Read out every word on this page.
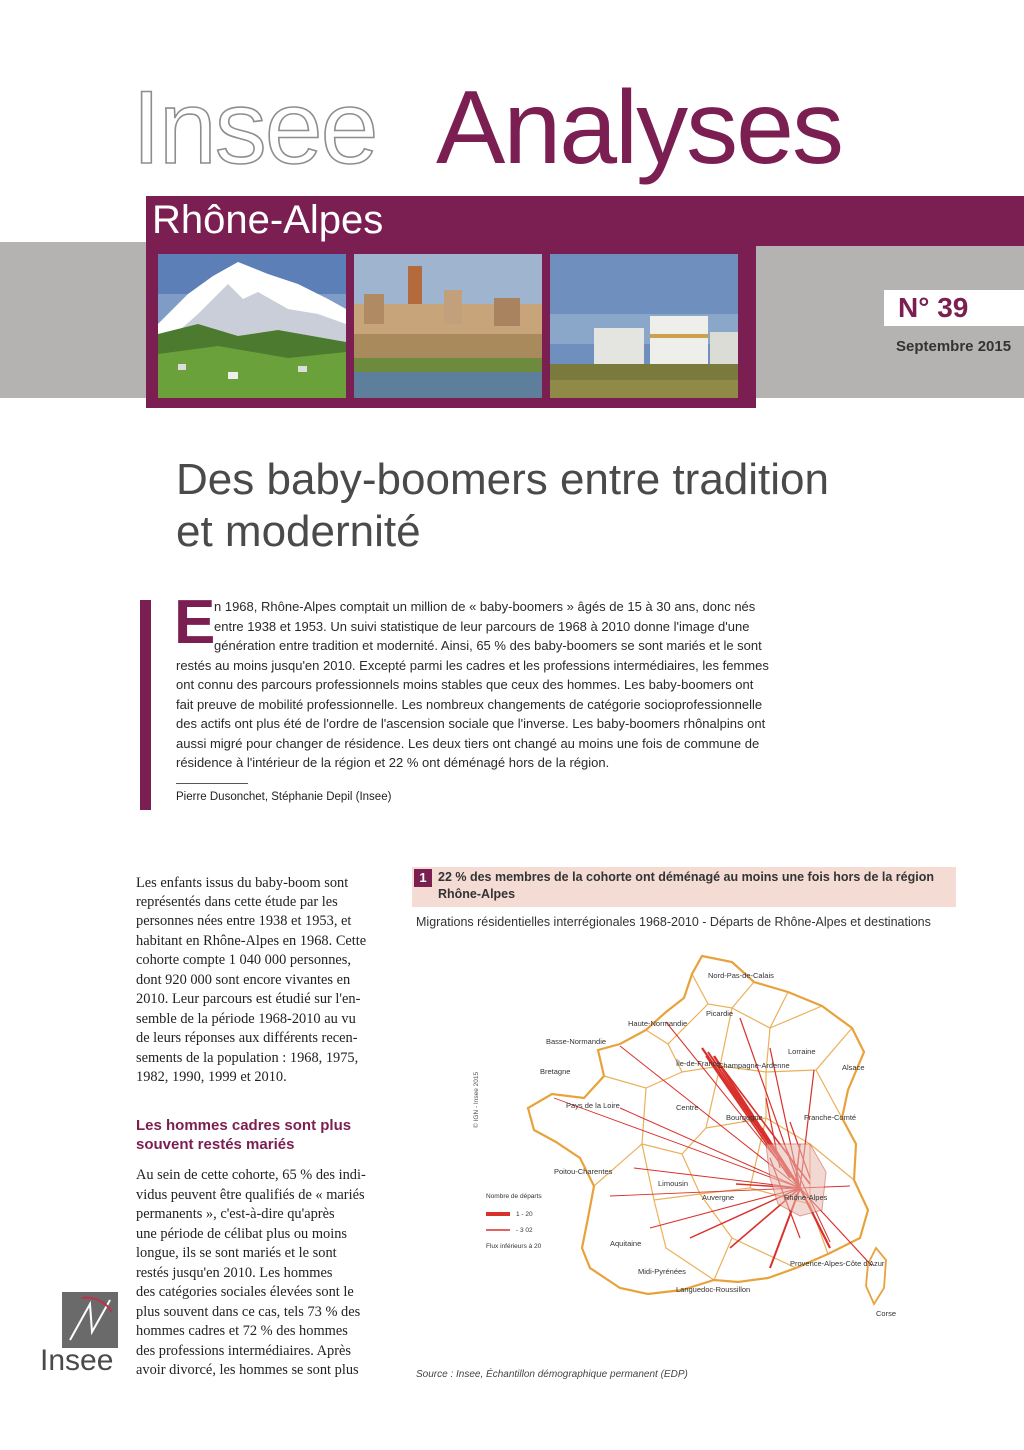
Insee Analyses
Rhône-Alpes
N° 39
Septembre 2015
Des baby-boomers entre tradition
et modernité
E
n 1968, Rhône-Alpes comptait un million de « baby-boomers » âgés de 15 à 30 ans, donc nés
entre 1938 et 1953. Un suivi statistique de leur parcours de 1968 à 2010 donne l'image d'une
génération entre tradition et modernité. Ainsi, 65 % des baby-boomers se sont mariés et le sont
restés au moins jusqu'en 2010. Excepté parmi les cadres et les professions intermédiaires, les femmes
ont connu des parcours professionnels moins stables que ceux des hommes. Les baby-boomers ont
fait preuve de mobilité professionnelle. Les nombreux changements de catégorie socioprofessionnelle
des actifs ont plus été de l'ordre de l'ascension sociale que l'inverse. Les baby-boomers rhônalpins ont
aussi migré pour changer de résidence. Les deux tiers ont changé au moins une fois de commune de
résidence à l'intérieur de la région et 22 % ont déménagé hors de la région.
Pierre Dusonchet, Stéphanie Depil (Insee)
Les enfants issus du baby-boom sont
représentés dans cette étude par les
personnes nées entre 1938 et 1953, et
habitant en Rhône-Alpes en 1968. Cette
cohorte compte 1 040 000 personnes,
dont 920 000 sont encore vivantes en
2010. Leur parcours est étudié sur l'en-
semble de la période 1968-2010 au vu
de leurs réponses aux différents recen-
sements de la population : 1968, 1975,
1982, 1990, 1999 et 2010.
Les hommes cadres sont plus
souvent restés mariés
Au sein de cette cohorte, 65 % des indi-
vidus peuvent être qualifiés de « mariés
permanents », c'est-à-dire qu'après
une période de célibat plus ou moins
longue, ils se sont mariés et le sont
restés jusqu'en 2010. Les hommes
des catégories sociales élevées sont le
plus souvent dans ce cas, tels 73 % des
hommes cadres et 72 % des hommes
des professions intermédiaires. Après
avoir divorcé, les hommes se sont plus
1 22 % des membres de la cohorte ont déménagé au moins une fois hors de la région Rhône-Alpes
Migrations résidentielles interrégionales 1968-2010 - Départs de Rhône-Alpes et destinations
Nord-Pas-de-Calais
Picardie
Haute-Normandie
Basse-Normandie
Île-de-France
Lorraine
Champagne-Ardenne	Alsace
Bretagne
Pays de la Loire	Centre
Bourgogne	Franche-Comté
Poitou-Charentes
Limousin
Auvergne	Rhône-Alpes
Aquitaine
Midi-Pyrénées
Languedoc-Roussillon
Provence-Alpes-Côte d'Azur
Corse
© IGN - Insee 2015
Nombre de départs
1 - 20
- 3 02
Flux inférieurs à 20
Source : Insee, Échantillon démographique permanent (EDP)
Insee
